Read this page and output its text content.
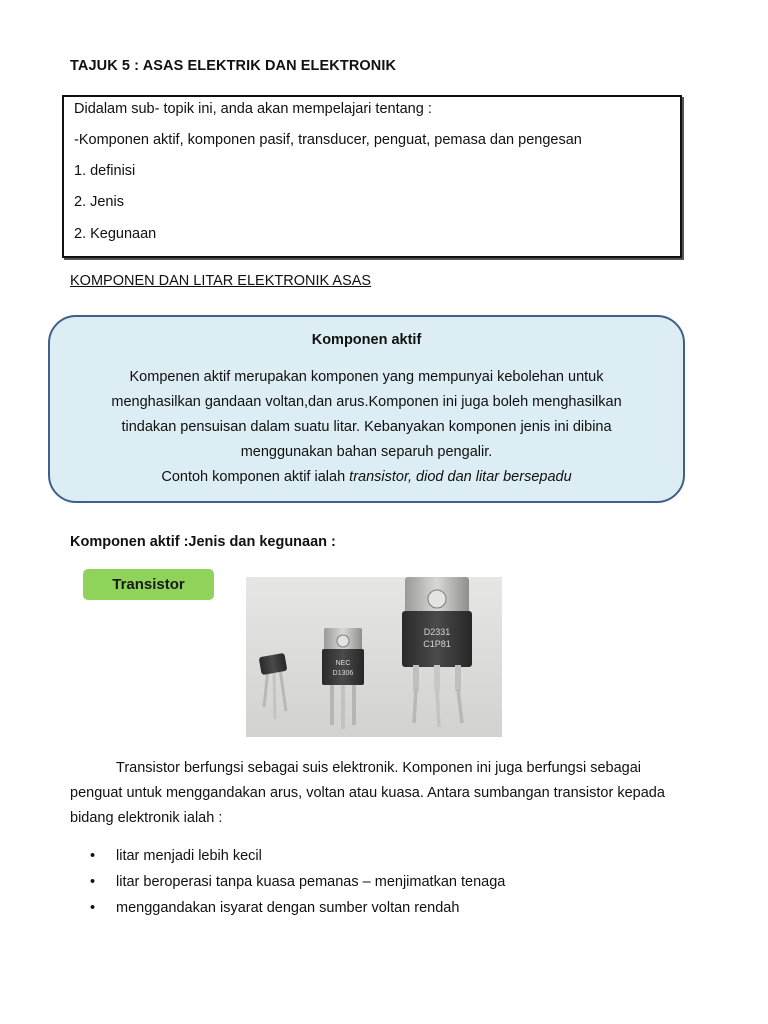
TAJUK 5 : ASAS ELEKTRIK DAN ELEKTRONIK
Didalam sub- topik ini, anda akan mempelajari tentang :
-Komponen aktif, komponen pasif, transducer, penguat, pemasa dan pengesan
1. definisi
2. Jenis
2. Kegunaan
KOMPONEN DAN LITAR ELEKTRONIK ASAS
Komponen aktif
Kompenen aktif merupakan komponen yang mempunyai kebolehan untuk menghasilkan gandaan voltan,dan arus.Komponen ini juga boleh menghasilkan tindakan pensuisan dalam suatu litar. Kebanyakan komponen jenis ini dibina menggunakan bahan separuh pengalir.
Contoh komponen aktif ialah transistor, diod dan litar bersepadu
Komponen aktif :Jenis dan kegunaan :
Transistor
NEC
D1306
D2331
C1P81
Transistor berfungsi sebagai suis elektronik. Komponen ini juga berfungsi sebagai penguat untuk menggandakan arus, voltan atau kuasa. Antara sumbangan transistor kepada bidang elektronik ialah :
• litar menjadi lebih kecil
• litar beroperasi tanpa kuasa pemanas – menjimatkan tenaga
• menggandakan isyarat dengan sumber voltan rendah
